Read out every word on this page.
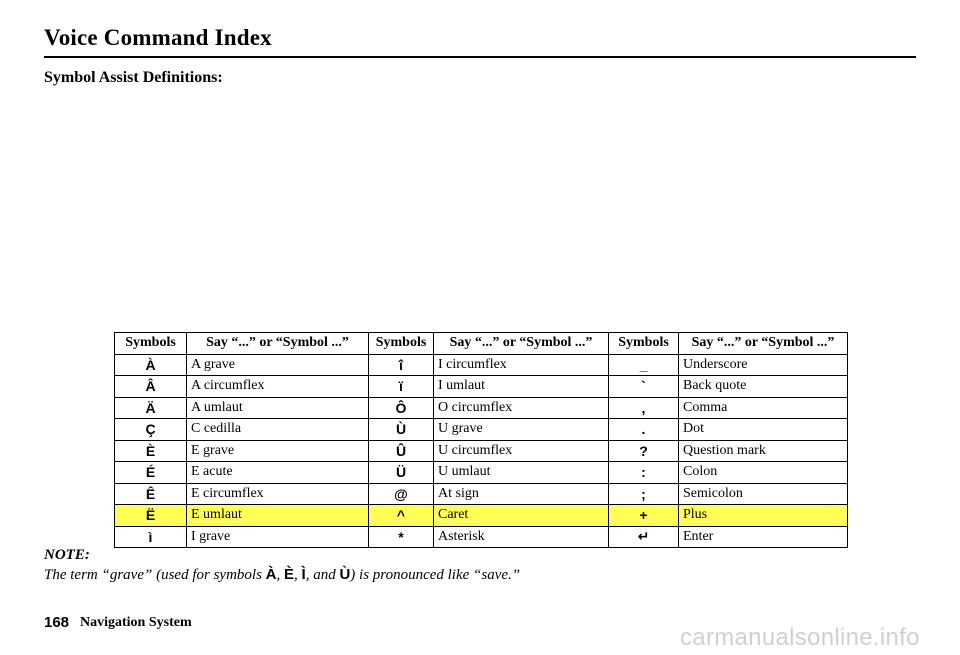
Voice Command Index
Symbol Assist Definitions:
Symbols	Say “...” or “Symbol ...”	Symbols	Say “...” or “Symbol ...”	Symbols	Say “...” or “Symbol ...”
À	A grave	î	I circumflex	_	Underscore
Â	A circumflex	ï	I umlaut	`	Back quote
Ä	A umlaut	Ô	O circumflex	,	Comma
Ç	C cedilla	Ù	U grave	.	Dot
È	E grave	Û	U circumflex	?	Question mark
É	E acute	Ü	U umlaut	:	Colon
Ê	E circumflex	@	At sign	;	Semicolon
Ë	E umlaut	^	Caret	+	Plus
ì	I grave	*	Asterisk	↵	Enter
NOTE:
The term “grave” (used for symbols À, È, Ì, and Ù) is pronounced like “save.”
168 Navigation System
carmanualsonline.info
